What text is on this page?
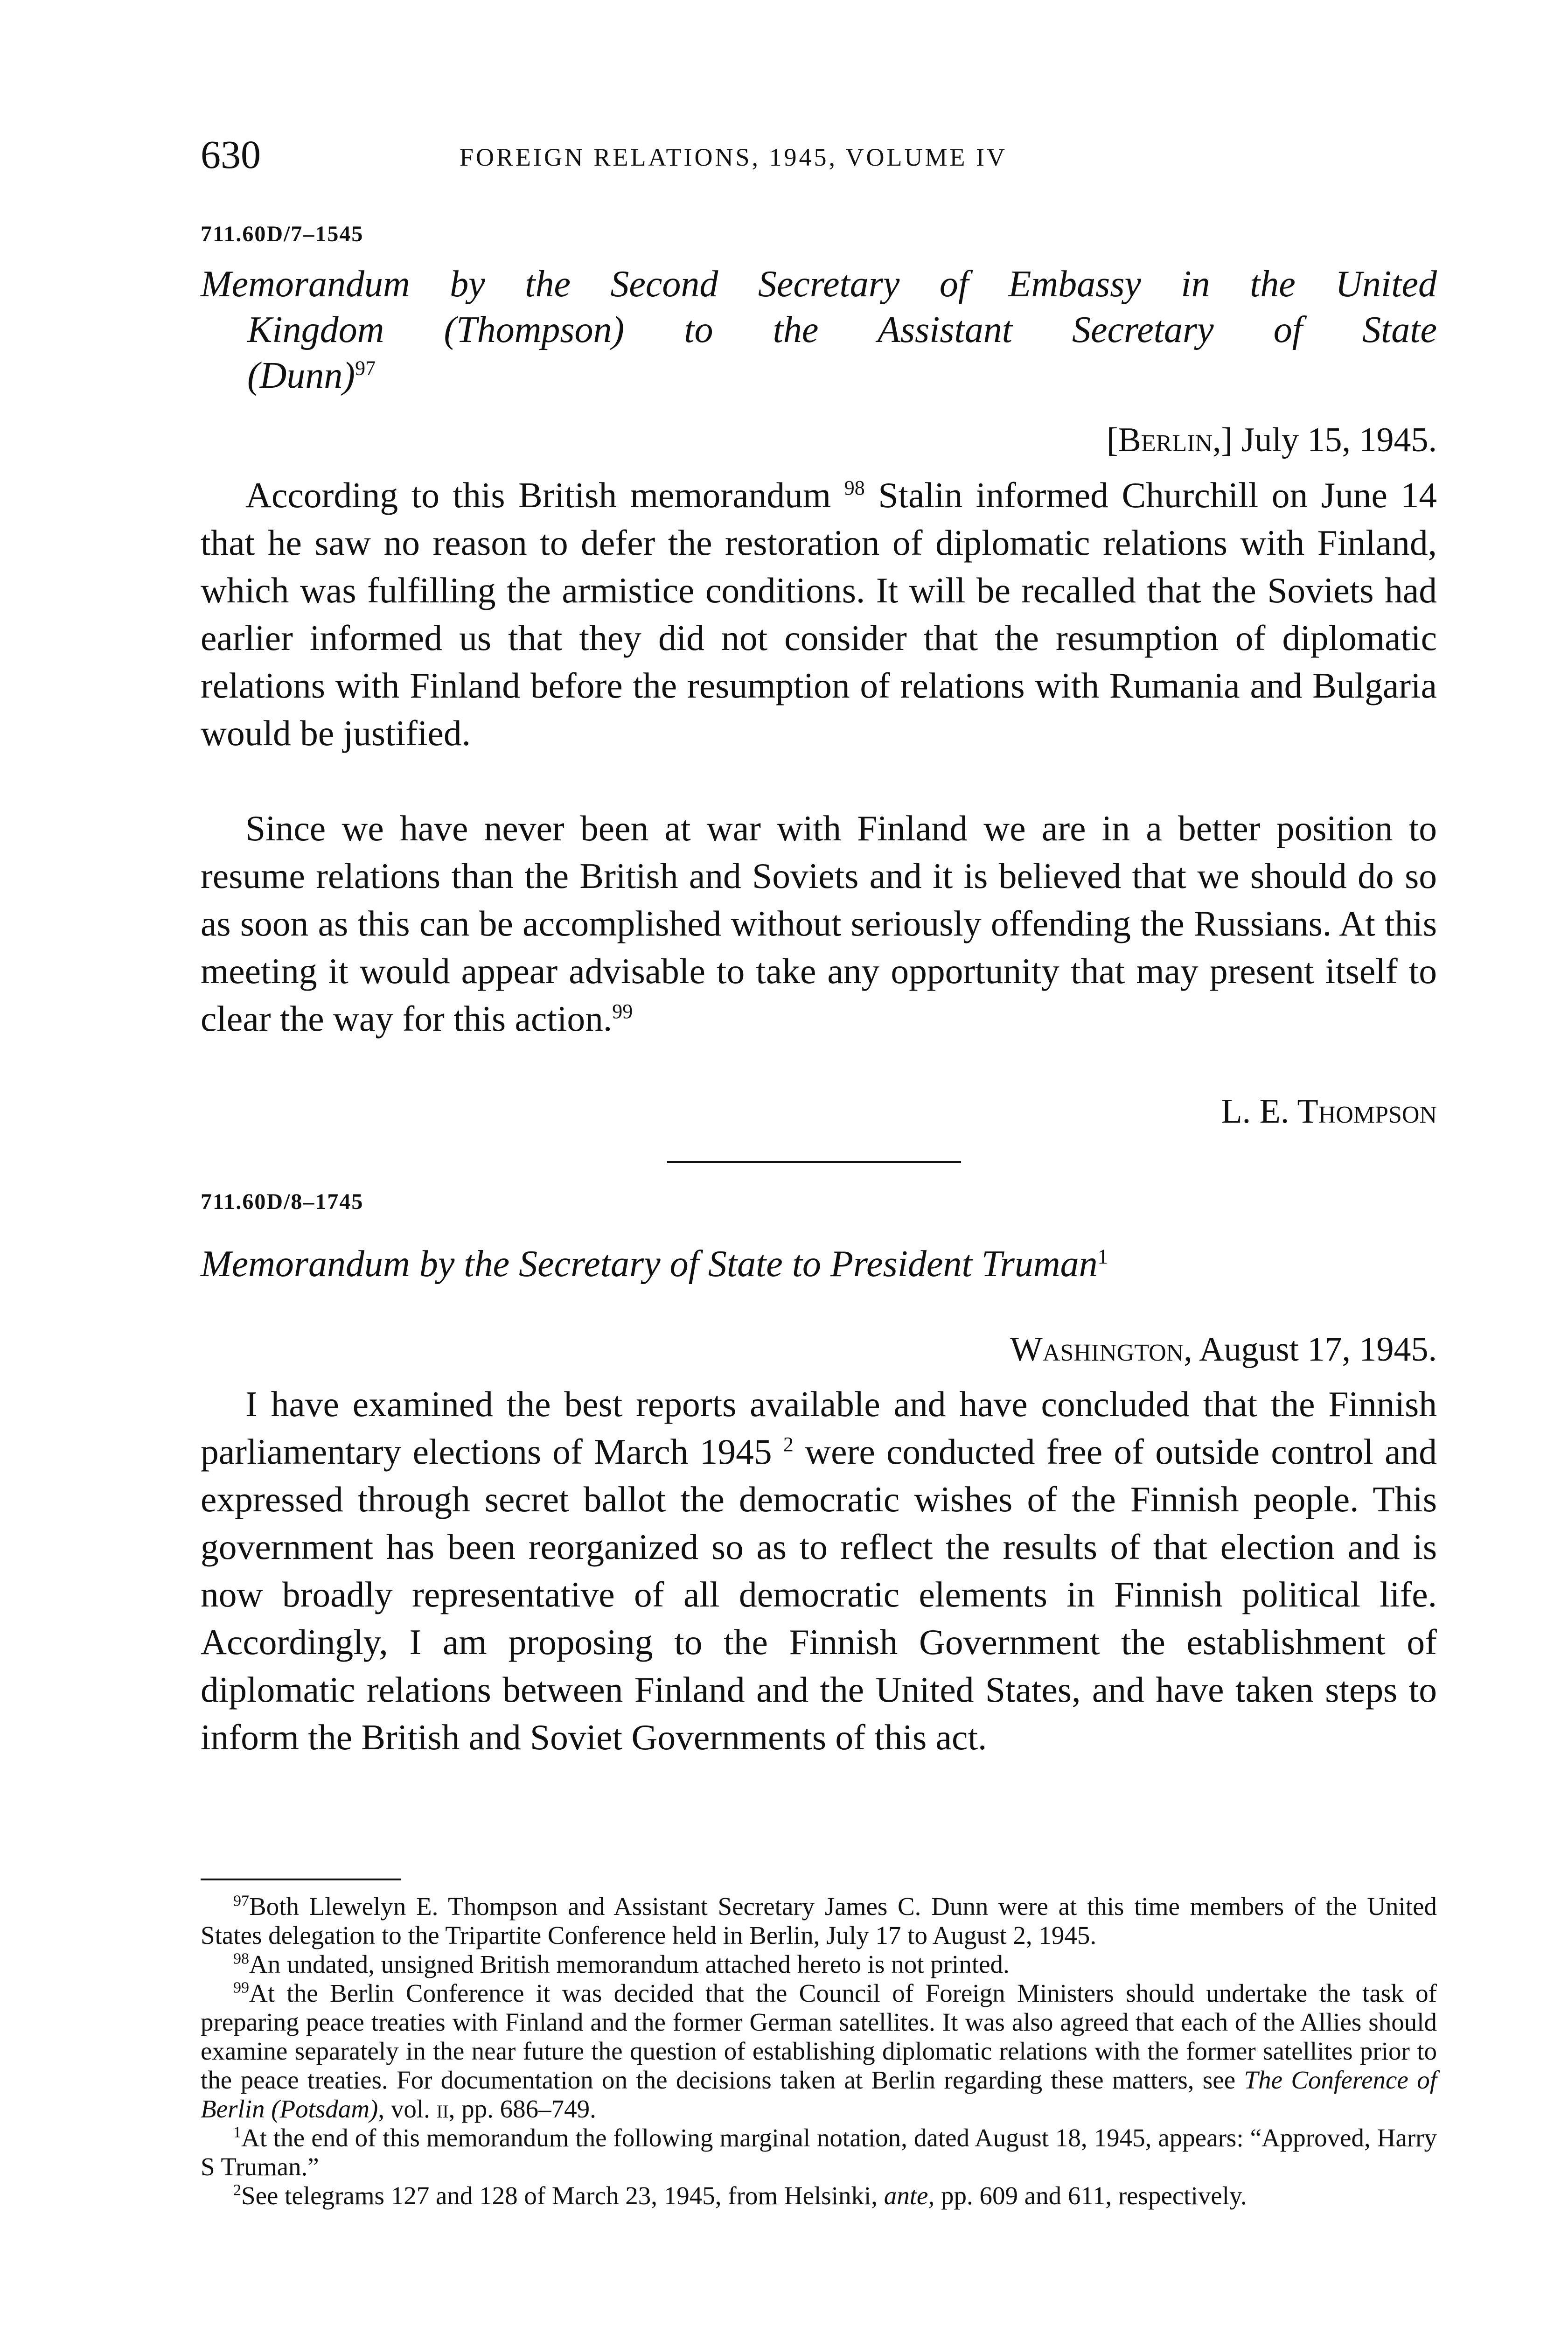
630	FOREIGN RELATIONS, 1945, VOLUME IV
711.60D/7–1545

Memorandum by the Second Secretary of Embassy in the United

Kingdom (Thompson) to the Assistant Secretary of State

(Dunn)$^{97}$

[Berlin,] July 15, 1945.

According to this British memorandum $^{98}$ Stalin informed Churchill on June 14 that he saw no reason to defer the restoration of diplomatic relations with Finland, which was fulfilling the armistice conditions. It will be recalled that the Soviets had earlier informed us that they did not consider that the resumption of diplomatic relations with Finland before the resumption of relations with Rumania and Bulgaria would be justified.

Since we have never been at war with Finland we are in a better position to resume relations than the British and Soviets and it is believed that we should do so as soon as this can be accomplished without seriously offending the Russians. At this meeting it would appear advisable to take any opportunity that may present itself to clear the way for this action.$^{99}$

L. E. Thompson
711.60D/8–1745

Memorandum by the Secretary of State to President Truman$^1$

Washington, August 17, 1945.

I have examined the best reports available and have concluded that the Finnish parliamentary elections of March 1945 $^2$ were conducted free of outside control and expressed through secret ballot the democratic wishes of the Finnish people. This government has been reorganized so as to reflect the results of that election and is now broadly representative of all democratic elements in Finnish political life. Accordingly, I am proposing to the Finnish Government the establishment of diplomatic relations between Finland and the United States, and have taken steps to inform the British and Soviet Governments of this act.

$^{97}$Both Llewelyn E. Thompson and Assistant Secretary James C. Dunn were at this time members of the United States delegation to the Tripartite Conference held in Berlin, July 17 to August 2, 1945.

$^{98}$An undated, unsigned British memorandum attached hereto is not printed.

$^{99}$At the Berlin Conference it was decided that the Council of Foreign Ministers should undertake the task of preparing peace treaties with Finland and the former German satellites. It was also agreed that each of the Allies should examine separately in the near future the question of establishing diplomatic relations with the former satellites prior to the peace treaties. For documentation on the decisions taken at Berlin regarding these matters, see The Conference of Berlin (Potsdam), vol. ii, pp. 686–749.

$^1$At the end of this memorandum the following marginal notation, dated August 18, 1945, appears: “Approved, Harry S Truman.”

$^2$See telegrams 127 and 128 of March 23, 1945, from Helsinki, ante, pp. 609 and 611, respectively.
